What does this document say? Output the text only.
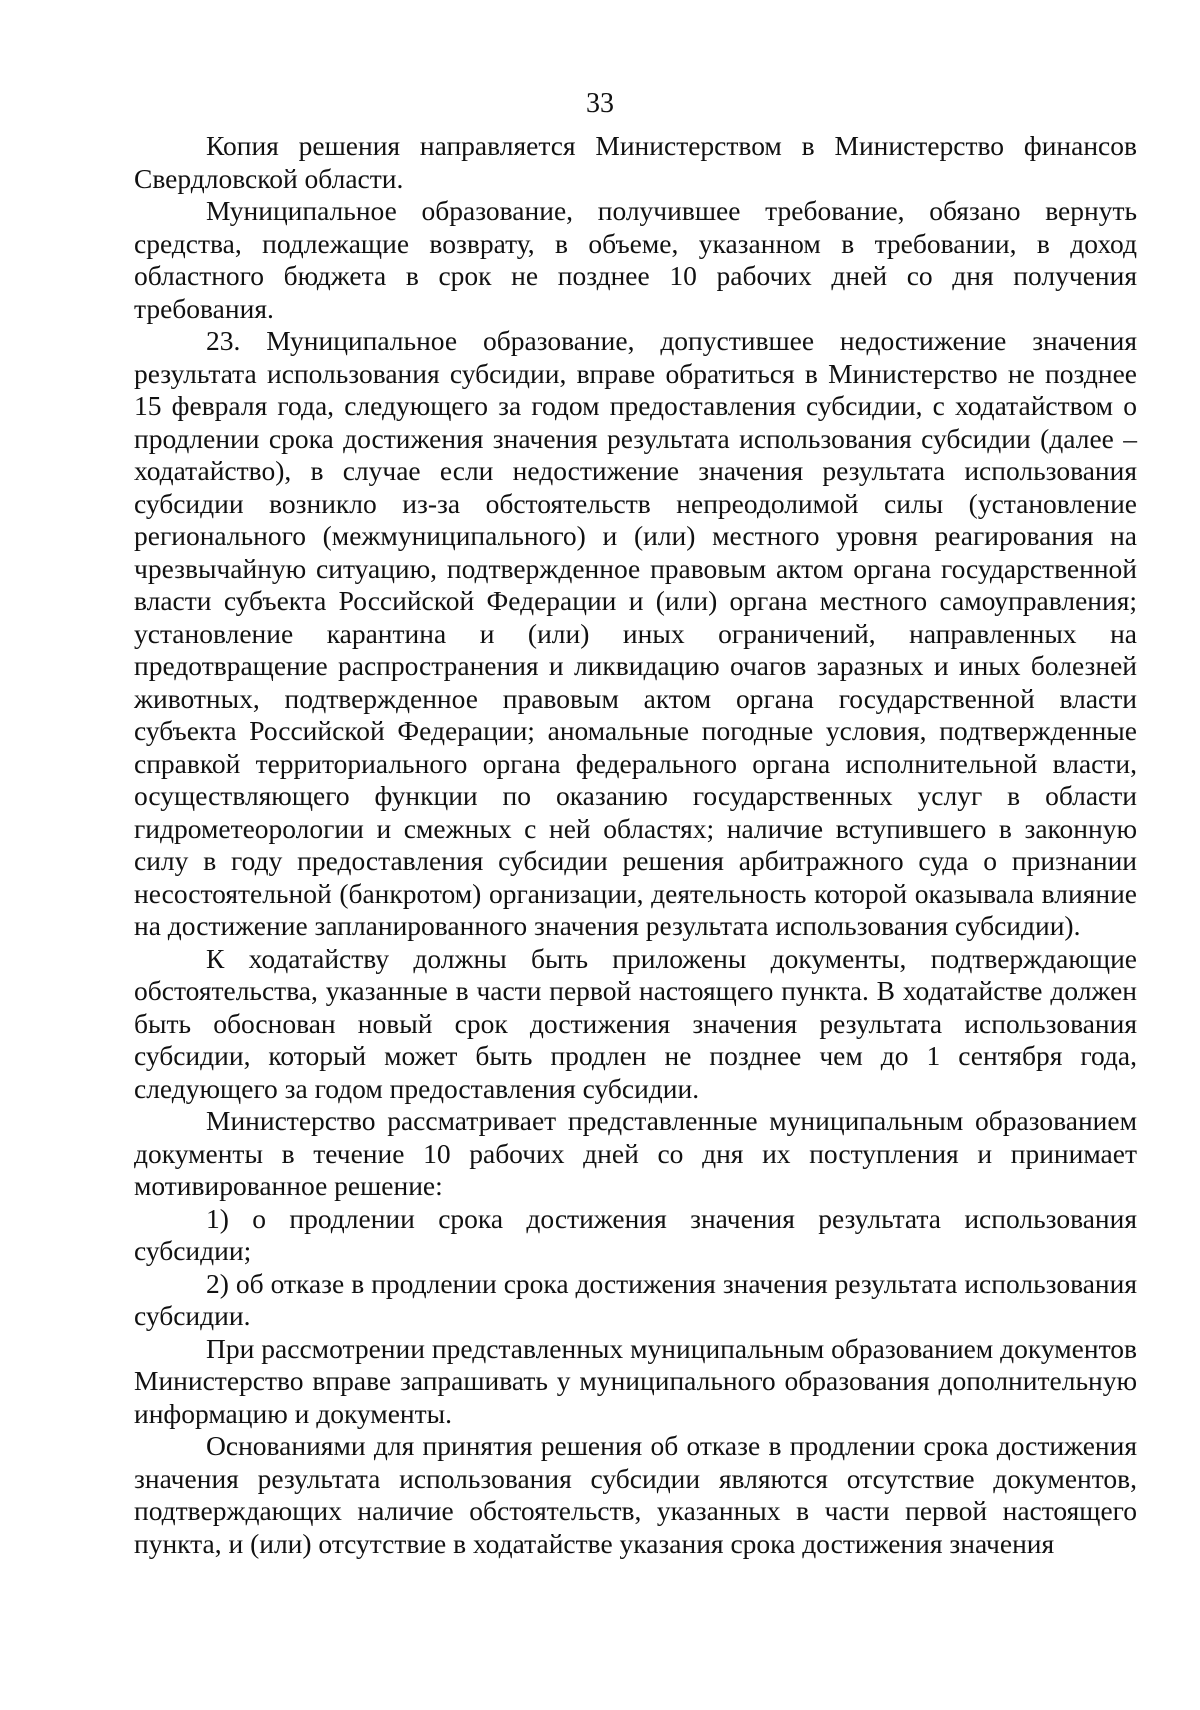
33

Копия решения направляется Министерством в Министерство финансов Свердловской области.

Муниципальное образование, получившее требование, обязано вернуть средства, подлежащие возврату, в объеме, указанном в требовании, в доход областного бюджета в срок не позднее 10 рабочих дней со дня получения требования.

23. Муниципальное образование, допустившее недостижение значения результата использования субсидии, вправе обратиться в Министерство не позднее 15 февраля года, следующего за годом предоставления субсидии, с ходатайством о продлении срока достижения значения результата использования субсидии (далее – ходатайство), в случае если недостижение значения результата использования субсидии возникло из-за обстоятельств непреодолимой силы (установление регионального (межмуниципального) и (или) местного уровня реагирования на чрезвычайную ситуацию, подтвержденное правовым актом органа государственной власти субъекта Российской Федерации и (или) органа местного самоуправления; установление карантина и (или) иных ограничений, направленных на предотвращение распространения и ликвидацию очагов заразных и иных болезней животных, подтвержденное правовым актом органа государственной власти субъекта Российской Федерации; аномальные погодные условия, подтвержденные справкой территориального органа федерального органа исполнительной власти, осуществляющего функции по оказанию государственных услуг в области гидрометеорологии и смежных с ней областях; наличие вступившего в законную силу в году предоставления субсидии решения арбитражного суда о признании несостоятельной (банкротом) организации, деятельность которой оказывала влияние на достижение запланированного значения результата использования субсидии).

К ходатайству должны быть приложены документы, подтверждающие обстоятельства, указанные в части первой настоящего пункта. В ходатайстве должен быть обоснован новый срок достижения значения результата использования субсидии, который может быть продлен не позднее чем до 1 сентября года, следующего за годом предоставления субсидии.

Министерство рассматривает представленные муниципальным образованием документы в течение 10 рабочих дней со дня их поступления и принимает мотивированное решение:

1) о продлении срока достижения значения результата использования субсидии;

2) об отказе в продлении срока достижения значения результата использования субсидии.

При рассмотрении представленных муниципальным образованием документов Министерство вправе запрашивать у муниципального образования дополнительную информацию и документы.

Основаниями для принятия решения об отказе в продлении срока достижения значения результата использования субсидии являются отсутствие документов, подтверждающих наличие обстоятельств, указанных в части первой настоящего пункта, и (или) отсутствие в ходатайстве указания срока достижения значения
